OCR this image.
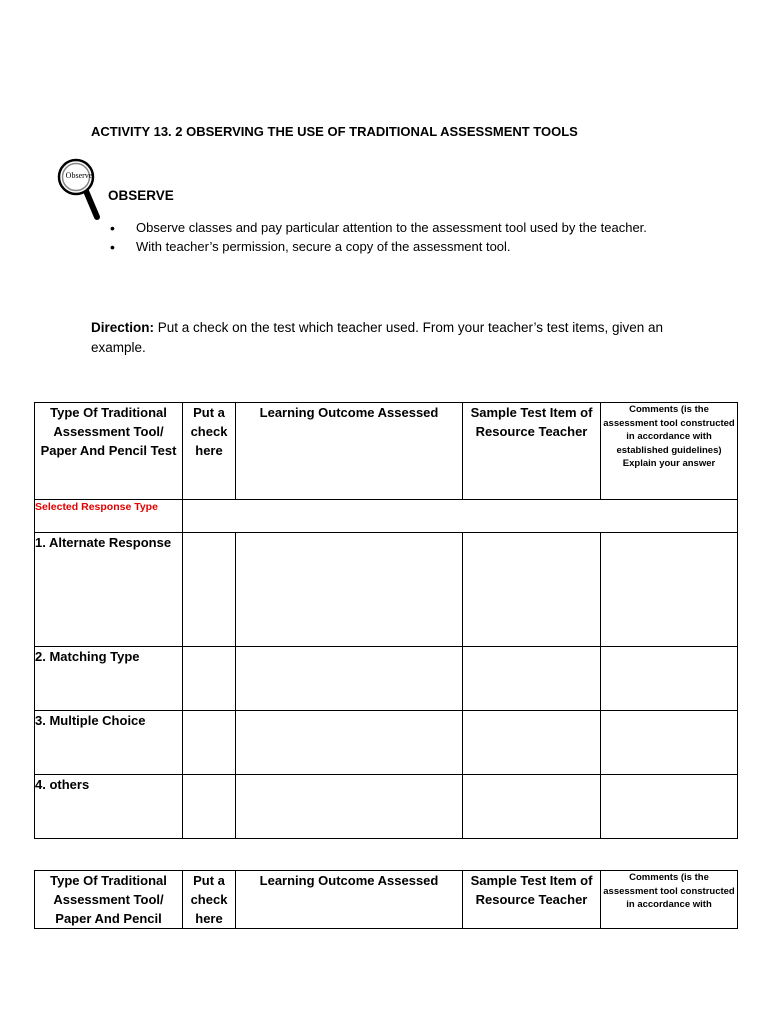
ACTIVITY 13. 2 OBSERVING THE USE OF TRADITIONAL ASSESSMENT TOOLS
Observe
OBSERVE
• Observe classes and pay particular attention to the assessment tool used by the teacher.
• With teacher’s permission, secure a copy of the assessment tool.
Direction: Put a check on the test which teacher used. From your teacher’s test items, given an example.
Type Of Traditional Assessment Tool/ Paper And Pencil Test	Put a check here	Learning Outcome Assessed	Sample Test Item of Resource Teacher	Comments (is the assessment tool constructed in accordance with established guidelines) Explain your answer
Selected Response Type				
1. Alternate Response				
2. Matching Type				
3. Multiple Choice				
4. others				
Type Of Traditional Assessment Tool/ Paper And Pencil	Put a check here	Learning Outcome Assessed	Sample Test Item of Resource Teacher	Comments (is the assessment tool constructed in accordance with
